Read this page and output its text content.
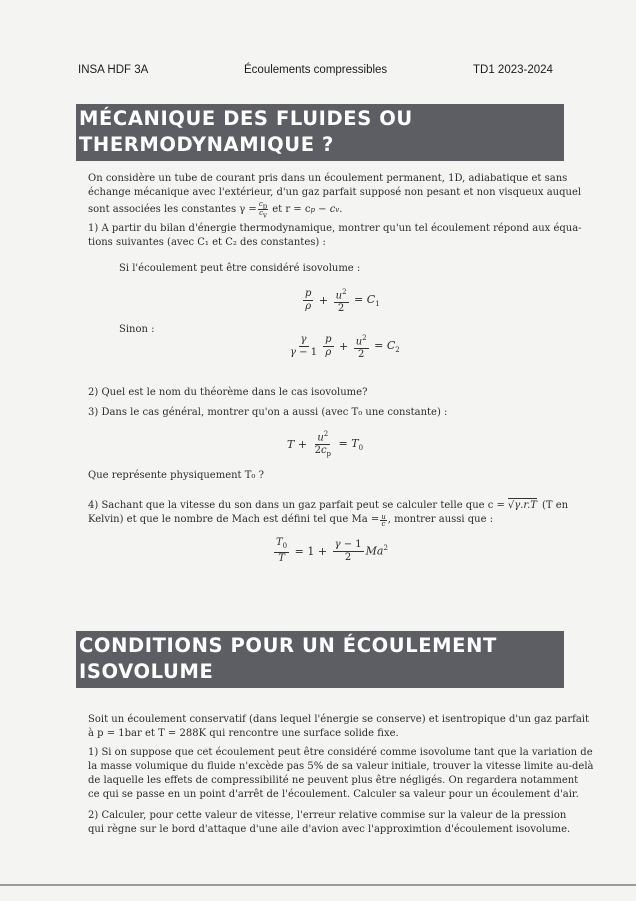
INSA HDF 3A	Écoulements compressibles	TD1 2023-2024
MÉCANIQUE DES FLUIDES OU
THERMODYNAMIQUE ?
On considère un tube de courant pris dans un écoulement permanent, 1D, adiabatique et sans
échange mécanique avec l'extérieur, d'un gaz parfait supposé non pesant et non visqueux auquel
sont associées les constantes $\gamma = \frac{c_p}{c_v}$ et r = c p − c v .
1) A partir du bilan d'énergie thermodynamique, montrer qu'un tel écoulement répond aux équa-
tions suivantes (avec C₁ et C₂ des constantes) :
Si l'écoulement peut être considéré isovolume :
$\frac{p}{\rho} + \frac{u^2}{2} = C_1$
Sinon :
$\frac{\gamma}{\gamma - 1} \frac{p}{\rho} + \frac{u^2}{2} = C_2$
2) Quel est le nom du théorème dans le cas isovolume?
3) Dans le cas général, montrer qu'on a aussi (avec T₀ une constante) :
$T + \frac{u^2}{2c_p} = T_0$
Que représente physiquement T₀ ?
4) Sachant que la vitesse du son dans un gaz parfait peut se calculer telle que c = √γ.r.T (T en
Kelvin) et que le nombre de Mach est défini tel que $Ma = \frac{u}{c}$ , montrer aussi que :
$\frac{T_0}{T} = 1 + \frac{\gamma - 1}{2} Ma^2$
CONDITIONS POUR UN ÉCOULEMENT
ISOVOLUME
Soit un écoulement conservatif (dans lequel l'énergie se conserve) et isentropique d'un gaz parfait
à p = 1bar et T = 288K qui rencontre une surface solide fixe.
1) Si on suppose que cet écoulement peut être considéré comme isovolume tant que la variation de
la masse volumique du fluide n'excède pas 5% de sa valeur initiale, trouver la vitesse limite au-delà
de laquelle les effets de compressibilité ne peuvent plus être négligés. On regardera notamment
ce qui se passe en un point d'arrêt de l'écoulement. Calculer sa valeur pour un écoulement d'air.
2) Calculer, pour cette valeur de vitesse, l'erreur relative commise sur la valeur de la pression
qui règne sur le bord d'attaque d'une aile d'avion avec l'approximtion d'écoulement isovolume.
